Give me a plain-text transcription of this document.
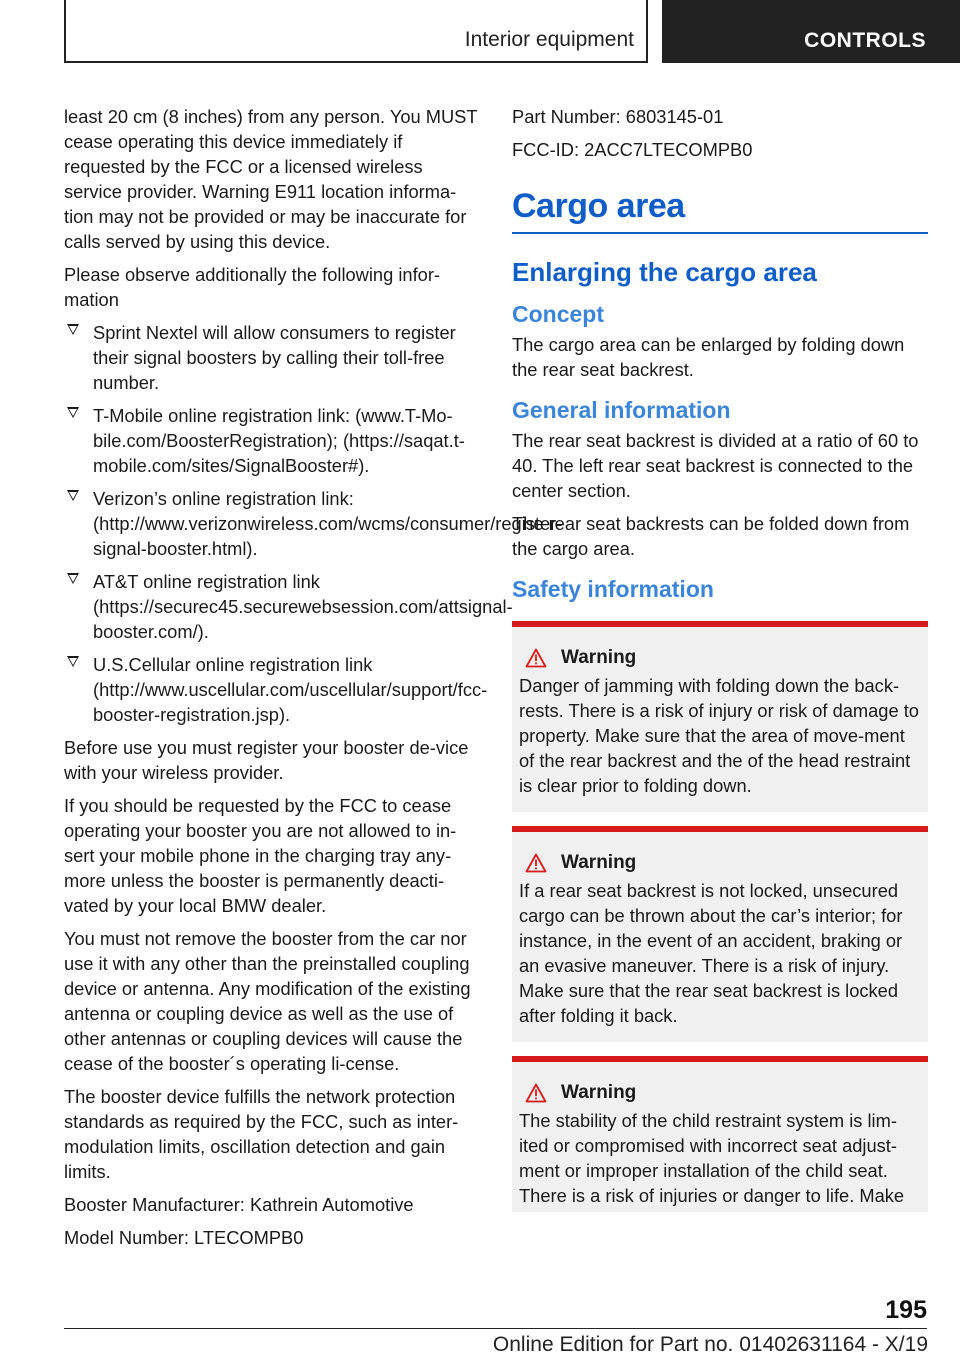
Interior equipment	CONTROLS

least 20 cm (8 inches) from any person. You MUST cease operating this device immediately if requested by the FCC or a licensed wireless service provider. Warning E911 location informa-tion may not be provided or may be inaccurate for calls served by using this device.

Please observe additionally the following infor-mation

Sprint Nextel will allow consumers to register their signal boosters by calling their toll-free number.
T-Mobile online registration link: (www.T-Mo-bile.com/BoosterRegistration); (https://saqat.t-mobile.com/sites/SignalBooster#).
Verizon’s online registration link: (http://www.verizonwireless.com/wcms/consumer/register-signal-booster.html).
AT&T online registration link (https://securec45.securewebsession.com/attsignal-booster.com/).
U.S.Cellular online registration link (http://www.uscellular.com/uscellular/support/fcc-booster-registration.jsp).

Before use you must register your booster de-vice with your wireless provider.

If you should be requested by the FCC to cease operating your booster you are not allowed to in-sert your mobile phone in the charging tray any-more unless the booster is permanently deacti-vated by your local BMW dealer.

You must not remove the booster from the car nor use it with any other than the preinstalled coupling device or antenna. Any modification of the existing antenna or coupling device as well as the use of other antennas or coupling devices will cause the cease of the booster´s operating li-cense.

The booster device fulfills the network protection standards as required by the FCC, such as inter-modulation limits, oscillation detection and gain limits.

Booster Manufacturer: Kathrein Automotive

Model Number: LTECOMPB0

Part Number: 6803145-01

FCC-ID: 2ACC7LTECOMPB0

Cargo area
Enlarging the cargo area
Concept

The cargo area can be enlarged by folding down the rear seat backrest.

General information

The rear seat backrest is divided at a ratio of 60 to 40. The left rear seat backrest is connected to the center section.

The rear seat backrests can be folded down from the cargo area.

Safety information
Warning

Danger of jamming with folding down the back-rests. There is a risk of injury or risk of damage to property. Make sure that the area of move-ment of the rear backrest and the of the head restraint is clear prior to folding down.

Warning

If a rear seat backrest is not locked, unsecured cargo can be thrown about the car’s interior; for instance, in the event of an accident, braking or an evasive maneuver. There is a risk of injury. Make sure that the rear seat backrest is locked after folding it back.

Warning

The stability of the child restraint system is lim-ited or compromised with incorrect seat adjust-ment or improper installation of the child seat. There is a risk of injuries or danger to life. Make

195
Online Edition for Part no. 01402631164 - X/19
